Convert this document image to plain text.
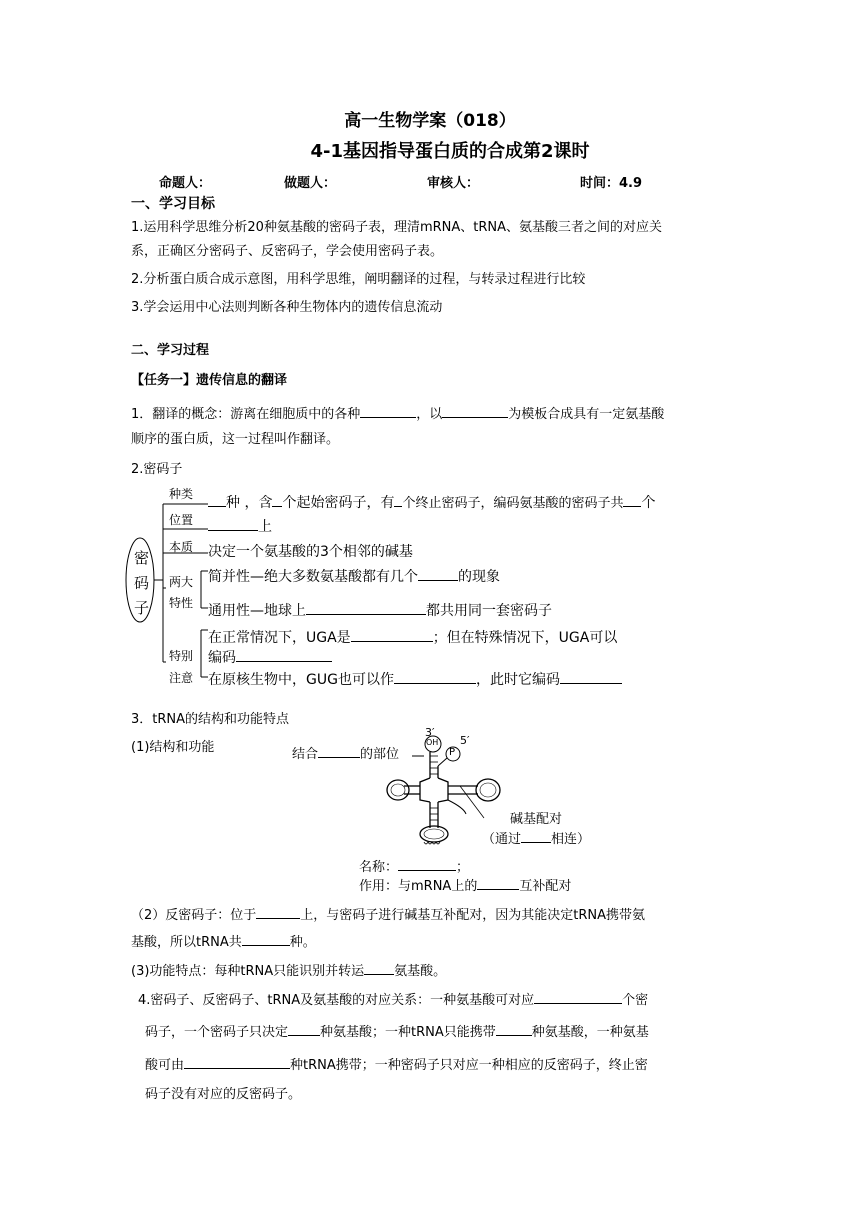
高一生物学案（018）
4-1基因指导蛋白质的合成第2课时
命题人：	做题人：	审核人：	时间：4.9
一、学习目标
1.运用科学思维分析20种氨基酸的密码子表，理清mRNA、tRNA、氨基酸三者之间的对应关
系，正确区分密码子、反密码子，学会使用密码子表。
2.分析蛋白质合成示意图，用科学思维，阐明翻译的过程，与转录过程进行比较
3.学会运用中心法则判断各种生物体内的遗传信息流动
二、学习过程
【任务一】遗传信息的翻译
1．翻译的概念：游离在细胞质中的各种	，以	为模板合成具有一定氨基酸
顺序的蛋白质，这一过程叫作翻译。
2.密码子
密
码
子
种类
位置
本质
两大
特性
特别
注意
种 ，含 个起始密码子，有 个终止密码子，编码氨基酸的密码子共 个
上
决定一个氨基酸的3个相邻的碱基
简并性—绝大多数氨基酸都有几个	的现象
通用性—地球上	都共用同一套密码子
在正常情况下，UGA是	；但在特殊情况下，UGA可以
编码
在原核生物中，GUG也可以作	，此时它编码
3．tRNA的结构和功能特点
(1)结构和功能	结合	的部位
3′
OH
P
5′
碱基配对
（通过 相连）
名称：	；
作用：与mRNA上的	互补配对
（2）反密码子：位于	上，与密码子进行碱基互补配对，因为其能决定tRNA携带氨
基酸，所以tRNA共	种。
(3)功能特点：每种tRNA只能识别并转运 氨基酸。
4.密码子、反密码子、tRNA及氨基酸的对应关系：一种氨基酸可对应	个密
码子，一个密码子只决定 种氨基酸；一种tRNA只能携带	种氨基酸，一种氨基
酸可由	种tRNA携带；一种密码子只对应一种相应的反密码子，终止密
码子没有对应的反密码子。
